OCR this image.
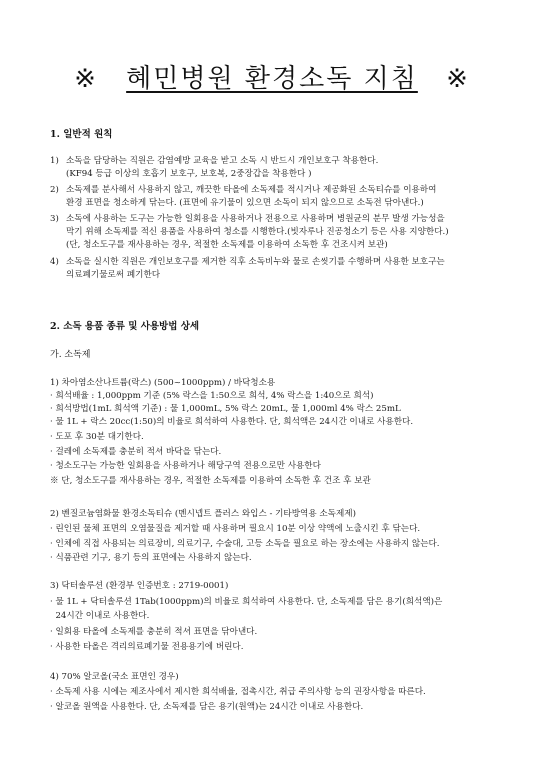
※ 혜민병원 환경소독 지침 ※
1. 일반적 원칙
1) 소독을 담당하는 직원은 감염예방 교육을 받고 소독 시 반드시 개인보호구 착용한다.
(KF94 등급 이상의 호흡기 보호구, 보호복, 2중장갑을 착용한다 )
2) 소독제를 분사해서 사용하지 않고, 깨끗한 타올에 소독제를 적시거나 제공화된 소독티슈를 이용하여
환경 표면을 청소하게 닦는다. (표면에 유기물이 있으면 소독이 되지 않으므로 소독전 닦아낸다.)
3) 소독에 사용하는 도구는 가능한 일회용을 사용하거나 전용으로 사용하며 병원균의 분무 발생 가능성을
막기 위해 소독제를 적신 용품을 사용하여 청소를 시행한다.(빗자루나 진공청소기 등은 사용 지양한다.)
(단, 청소도구를 재사용하는 경우, 적절한 소독제를 이용하여 소독한 후 건조시켜 보관)
4) 소독을 실시한 직원은 개인보호구를 제거한 직후 소독비누와 물로 손씻기를 수행하며 사용한 보호구는
의료폐기물로써 폐기한다
2. 소독 용품 종류 및 사용방법 상세
가. 소독제
1) 차아염소산나트륨(락스) (500~1000ppm) / 바닥청소용
· 희석배율 : 1,000ppm 기준 (5% 락스을 1:50으로 희석, 4% 락스을 1:40으로 희석)
· 희석방법(1mL 희석액 기준) : 물 1,000mL, 5% 락스 20mL, 물 1,000ml 4% 락스 25mL
· 물 1L + 락스 20cc(1:50)의 비율로 희석하여 사용한다. 단, 희석액은 24시간 이내로 사용한다.
· 도포 후 30분 대기한다.
· 걸레에 소독제를 충분히 적셔 바닥을 닦는다.
· 청소도구는 가능한 일회용을 사용하거나 해당구역 전용으로만 사용한다
※ 단, 청소도구를 재사용하는 경우, 적절한 소독제를 이용하여 소독한 후 건조 후 보관
2) 벤질코늄염화물 환경소독티슈 (멘시넵트 플러스 와입스 - 기타방역용 소독제제)
· 린인된 물체 표면의 오염물질을 제거할 때 사용하며 필요시 10분 이상 약액에 노출시킨 후 닦는다.
· 인체에 직접 사용되는 의료장비, 의료기구, 수술대, 고등 소독을 필요로 하는 장소에는 사용하지 않는다.
· 식품관련 기구, 용기 등의 표면에는 사용하지 않는다.
3) 닥터솔루션 (환경부 인증번호 : 2719-0001)
· 물 1L + 닥터솔루션 1Tab(1000ppm)의 비율로 희석하여 사용한다. 단, 소독제를 담은 용기(희석액)은
24시간 이내로 사용한다.
· 일회용 타올에 소독제를 충분히 적셔 표면을 닦아낸다.
· 사용한 타올은 격리의료폐기물 전용용기에 버린다.
4) 70% 알코올(국소 표면인 경우)
· 소독제 사용 시에는 제조사에서 제시한 희석배율, 접촉시간, 취급 주의사항 능의 권장사항을 따른다.
· 알코올 원액을 사용한다. 단, 소독제를 담은 용기(원액)는 24시간 이내로 사용한다.
